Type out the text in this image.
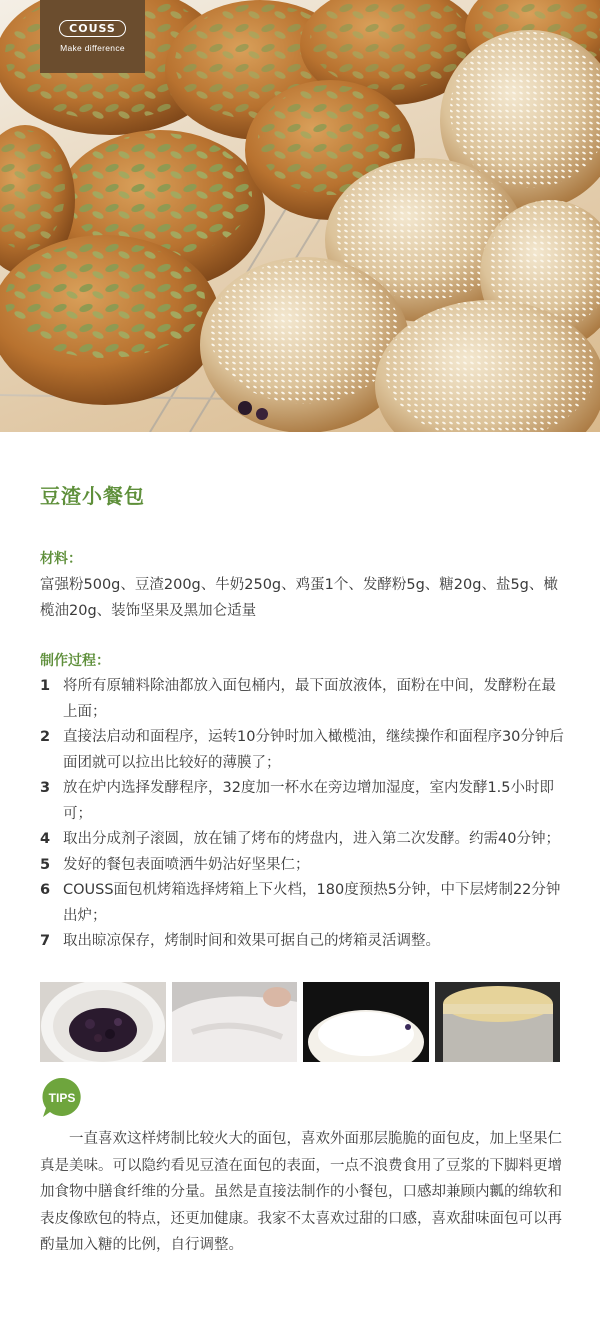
COUSS
Make difference
豆渣小餐包
材料：
富强粉500g、豆渣200g、牛奶250g、鸡蛋1个、发酵粉5g、糖20g、盐5g、橄榄油20g、装饰坚果及黑加仑适量
制作过程：
1 将所有原辅料除油都放入面包桶内，最下面放液体，面粉在中间，发酵粉在最上面；
2 直接法启动和面程序，运转10分钟时加入橄榄油，继续操作和面程序30分钟后面团就可以拉出比较好的薄膜了；
3 放在炉内选择发酵程序，32度加一杯水在旁边增加湿度，室内发酵1.5小时即可；
4 取出分成剂子滚圆，放在铺了烤布的烤盘内，进入第二次发酵。约需40分钟；
5 发好的餐包表面喷洒牛奶沾好坚果仁；
6 COUSS面包机烤箱选择烤箱上下火档，180度预热5分钟，中下层烤制22分钟出炉；
7 取出晾凉保存，烤制时间和效果可据自己的烤箱灵活调整。
TIPS

一直喜欢这样烤制比较火大的面包，喜欢外面那层脆脆的面包皮，加上坚果仁真是美味。可以隐约看见豆渣在面包的表面，一点不浪费食用了豆浆的下脚料更增加食物中膳食纤维的分量。虽然是直接法制作的小餐包，口感却兼顾内瓤的绵软和表皮像欧包的特点，还更加健康。我家不太喜欢过甜的口感，喜欢甜味面包可以再酌量加入糖的比例，自行调整。
